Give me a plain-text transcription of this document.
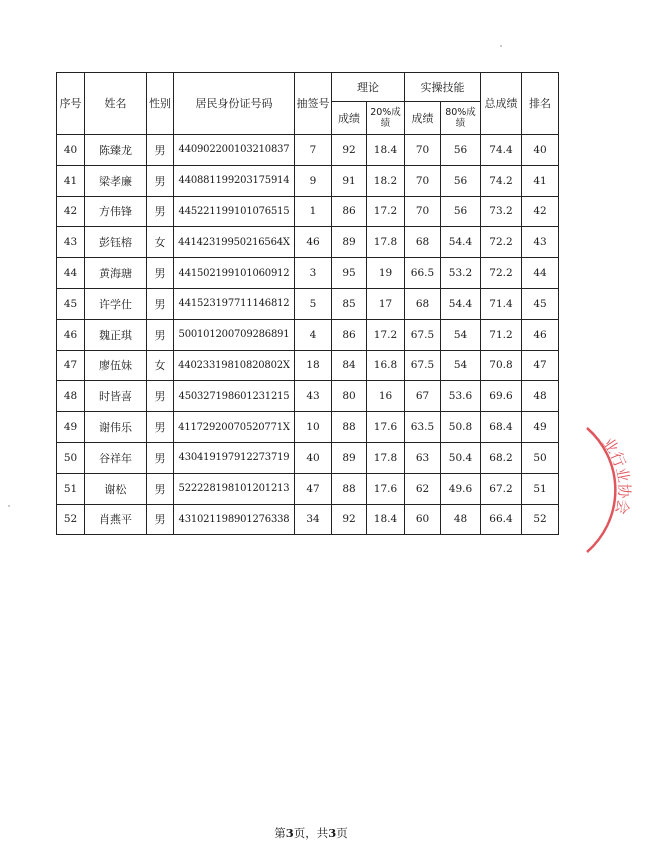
序号	姓名	性别	居民身份证号码	抽签号	理论		实操技能		总成绩	排名
					成绩	20%成绩	成绩	80%成绩		
40	陈臻龙	男	440902200103210837	7	92	18.4	70	56	74.4	40
41	梁孝廉	男	440881199203175914	9	91	18.2	70	56	74.2	41
42	方伟锋	男	445221199101076515	1	86	17.2	70	56	73.2	42
43	彭钰榕	女	44142319950216564X	46	89	17.8	68	54.4	72.2	43
44	黄海瑭	男	441502199101060912	3	95	19	66.5	53.2	72.2	44
45	许学仕	男	441523197711146812	5	85	17	68	54.4	71.4	45
46	魏正琪	男	500101200709286891	4	86	17.2	67.5	54	71.2	46
47	廖伍妹	女	44023319810820802X	18	84	16.8	67.5	54	70.8	47
48	时皆喜	男	450327198601231215	43	80	16	67	53.6	69.6	48
49	谢伟乐	男	41172920070520771X	10	88	17.6	63.5	50.8	68.4	49
50	谷祥年	男	430419197912273719	40	89	17.8	63	50.4	68.2	50
51	谢松	男	522228198101201213	47	88	17.6	62	49.6	67.2	51
52	肖燕平	男	431021198901276338	34	92	18.4	60	48	66.4	52
第3页，共3页
业行业协会
